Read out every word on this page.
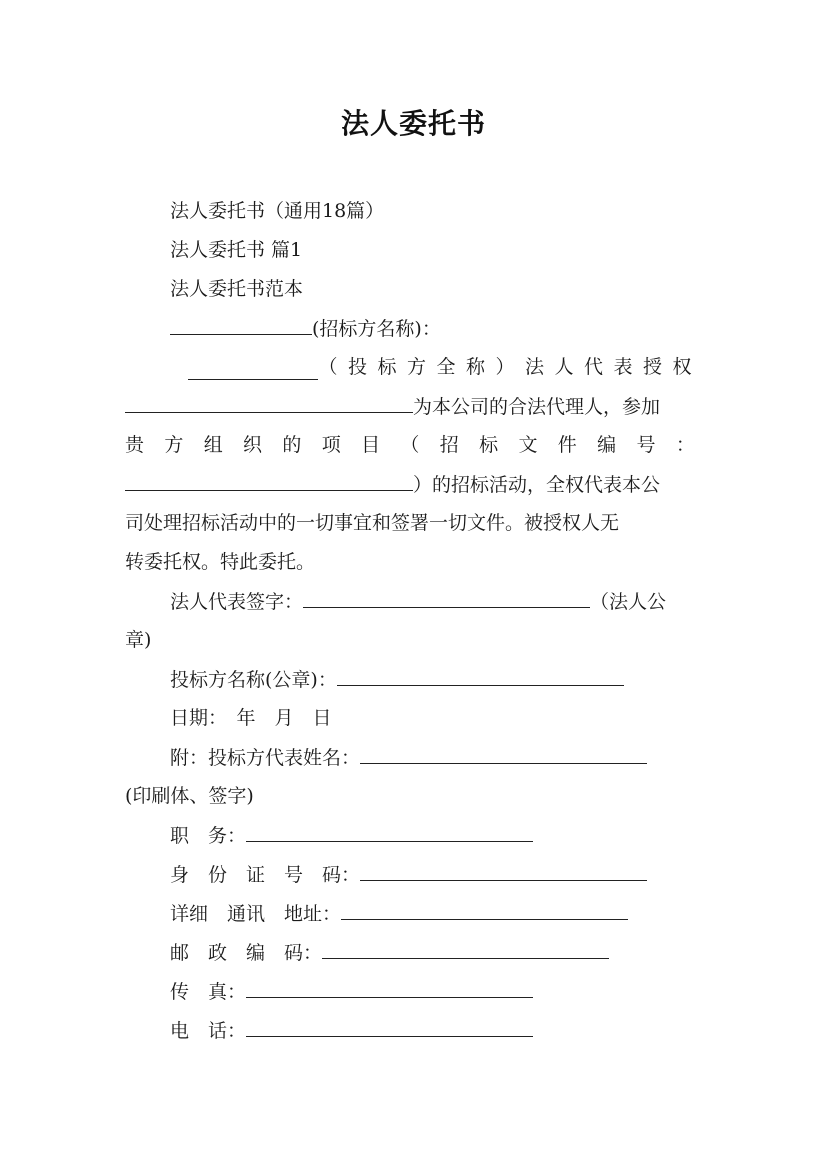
法人委托书
法人委托书（通用18篇）
法人委托书 篇1
法人委托书范本
(招标方名称)：
（投标方全称）法人代表授权
为本公司的合法代理人，参加
贵 方 组 织 的 项 目 （ 招 标 文 件 编 号 ：
）的招标活动，全权代表本公
司处理招标活动中的一切事宜和签署一切文件。被授权人无
转委托权。特此委托。
法人代表签字：	（法人公
章)
投标方名称(公章)：
日期：　年　月　日
附：投标方代表姓名：
(印刷体、签字)
职　务：
身　份　证　号　码：
详细　通讯　地址：
邮　政　编　码：
传　真：
电　话：
